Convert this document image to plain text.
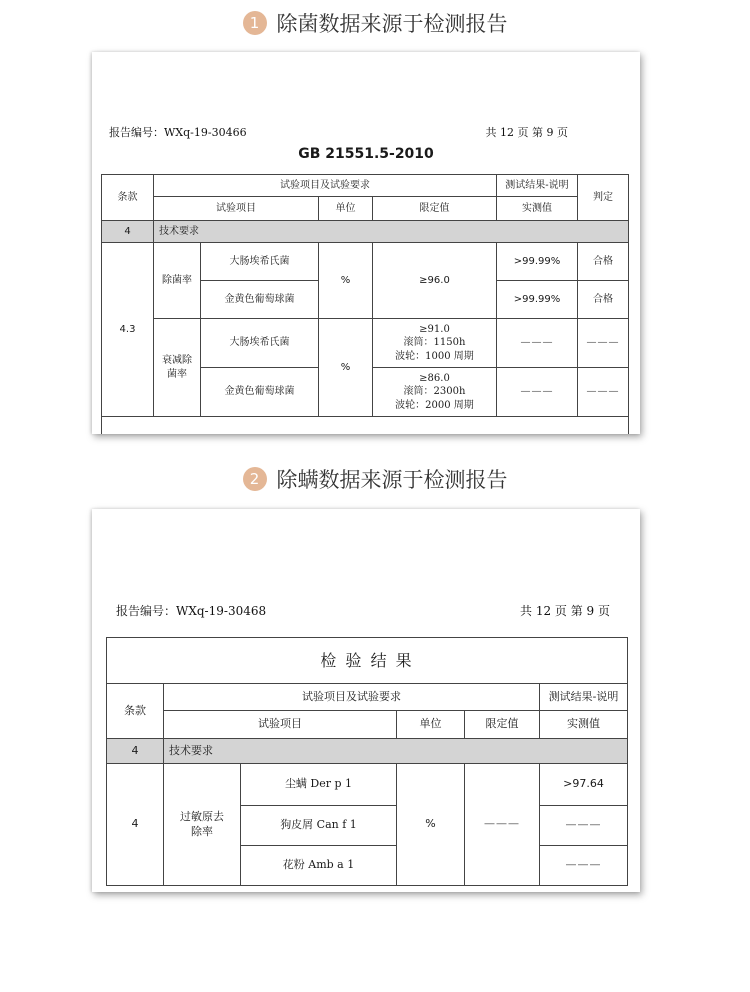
1 除菌数据来源于检测报告
报告编号：WXq-19-30466	共 12 页 第 9 页
GB 21551.5-2010
条款	试验项目及试验要求				测试结果-说明	判定
	试验项目		单位	限定值	实测值	
4	技术要求					
4.3	除菌率	大肠埃希氏菌	%	≥96.0	>99.99%	合格
		金黄色葡萄球菌			>99.99%	合格
	衰减除菌率	大肠埃希氏菌	%	≥91.0
滚筒：1150h
波轮：1000 周期	———	———
		金黄色葡萄球菌		≥86.0
滚筒：2300h
波轮：2000 周期	———	———

2 除螨数据来源于检测报告
报告编号：WXq-19-30468	共 12 页 第 9 页
检 验 结 果					
条款	试验项目及试验要求				测试结果-说明
	试验项目		单位	限定值	实测值
4	技术要求				
4	过敏原去除率	尘螨 Der p 1	%	———	>97.64
		狗皮屑 Can f 1			———
		花粉 Amb a 1			———
